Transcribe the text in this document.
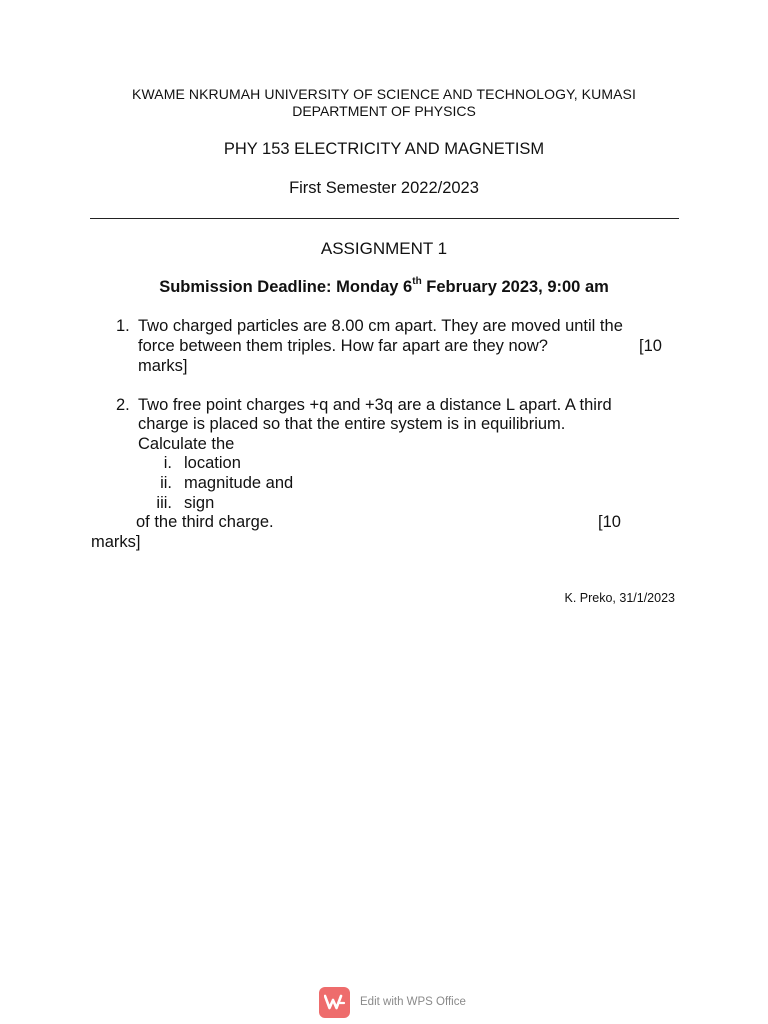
KWAME NKRUMAH UNIVERSITY OF SCIENCE AND TECHNOLOGY, KUMASI
DEPARTMENT OF PHYSICS
PHY 153 ELECTRICITY AND MAGNETISM
First Semester 2022/2023
ASSIGNMENT 1
Submission Deadline: Monday 6th February 2023, 9:00 am
1. Two charged particles are 8.00 cm apart. They are moved until the
force between them triples. How far apart are they now?	[10
marks]
2. Two free point charges +q and +3q are a distance L apart. A third
charge is placed so that the entire system is in equilibrium.
Calculate the
i. location
ii. magnitude and
iii. sign
of the third charge.	[10
marks]
K. Preko, 31/1/2023
Edit with WPS Office
